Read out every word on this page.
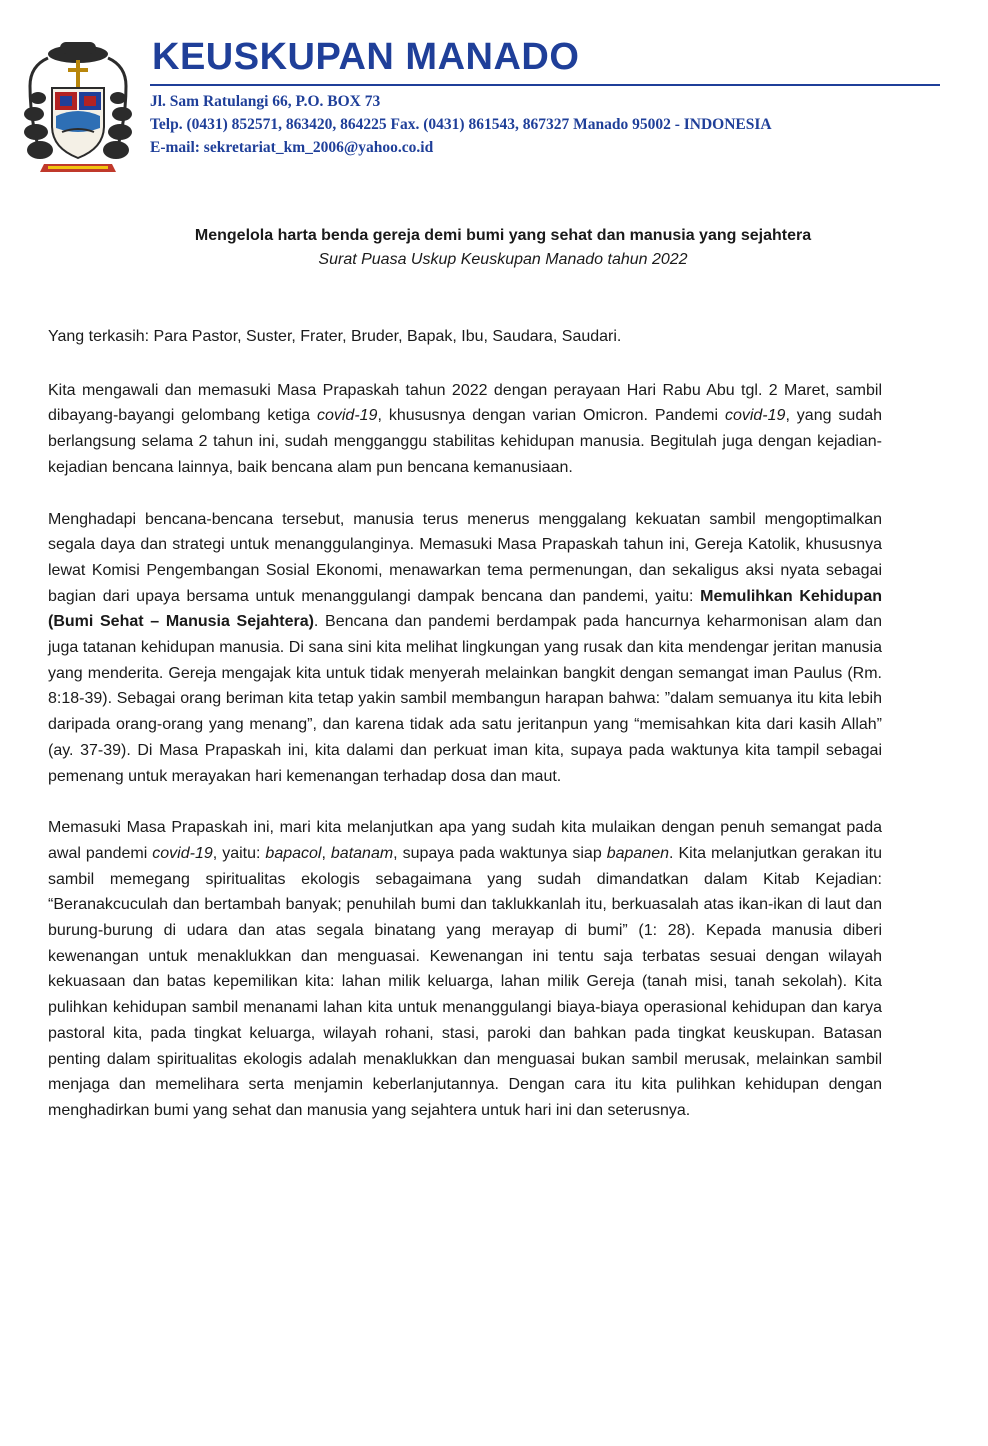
KEUSKUPAN MANADO
Jl. Sam Ratulangi 66, P.O. BOX 73
Telp. (0431) 852571, 863420, 864225 Fax. (0431) 861543, 867327 Manado 95002 - INDONESIA
E-mail: sekretariat_km_2006@yahoo.co.id
Mengelola harta benda gereja demi bumi yang sehat dan manusia yang sejahtera
Surat Puasa Uskup Keuskupan Manado tahun 2022

Yang terkasih: Para Pastor, Suster, Frater, Bruder, Bapak, Ibu, Saudara, Saudari.

Kita mengawali dan memasuki Masa Prapaskah tahun 2022 dengan perayaan Hari Rabu Abu tgl. 2 Maret, sambil dibayang-bayangi gelombang ketiga covid-19, khususnya dengan varian Omicron. Pandemi covid-19, yang sudah berlangsung selama 2 tahun ini, sudah mengganggu stabilitas kehidupan manusia. Begitulah juga dengan kejadian-kejadian bencana lainnya, baik bencana alam pun bencana kemanusiaan.

Menghadapi bencana-bencana tersebut, manusia terus menerus menggalang kekuatan sambil mengoptimalkan segala daya dan strategi untuk menanggulanginya. Memasuki Masa Prapaskah tahun ini, Gereja Katolik, khususnya lewat Komisi Pengembangan Sosial Ekonomi, menawarkan tema permenungan, dan sekaligus aksi nyata sebagai bagian dari upaya bersama untuk menanggulangi dampak bencana dan pandemi, yaitu: Memulihkan Kehidupan (Bumi Sehat – Manusia Sejahtera). Bencana dan pandemi berdampak pada hancurnya keharmonisan alam dan juga tatanan kehidupan manusia. Di sana sini kita melihat lingkungan yang rusak dan kita mendengar jeritan manusia yang menderita. Gereja mengajak kita untuk tidak menyerah melainkan bangkit dengan semangat iman Paulus (Rm. 8:18-39). Sebagai orang beriman kita tetap yakin sambil membangun harapan bahwa: ”dalam semuanya itu kita lebih daripada orang-orang yang menang”, dan karena tidak ada satu jeritanpun yang “memisahkan kita dari kasih Allah” (ay. 37-39). Di Masa Prapaskah ini, kita dalami dan perkuat iman kita, supaya pada waktunya kita tampil sebagai pemenang untuk merayakan hari kemenangan terhadap dosa dan maut.

Memasuki Masa Prapaskah ini, mari kita melanjutkan apa yang sudah kita mulaikan dengan penuh semangat pada awal pandemi covid-19, yaitu: bapacol, batanam, supaya pada waktunya siap bapanen. Kita melanjutkan gerakan itu sambil memegang spiritualitas ekologis sebagaimana yang sudah dimandatkan dalam Kitab Kejadian: “Beranakcuculah dan bertambah banyak; penuhilah bumi dan taklukkanlah itu, berkuasalah atas ikan-ikan di laut dan burung-burung di udara dan atas segala binatang yang merayap di bumi” (1: 28). Kepada manusia diberi kewenangan untuk menaklukkan dan menguasai. Kewenangan ini tentu saja terbatas sesuai dengan wilayah kekuasaan dan batas kepemilikan kita: lahan milik keluarga, lahan milik Gereja (tanah misi, tanah sekolah). Kita pulihkan kehidupan sambil menanami lahan kita untuk menanggulangi biaya-biaya operasional kehidupan dan karya pastoral kita, pada tingkat keluarga, wilayah rohani, stasi, paroki dan bahkan pada tingkat keuskupan. Batasan penting dalam spiritualitas ekologis adalah menaklukkan dan menguasai bukan sambil merusak, melainkan sambil menjaga dan memelihara serta menjamin keberlanjutannya. Dengan cara itu kita pulihkan kehidupan dengan menghadirkan bumi yang sehat dan manusia yang sejahtera untuk hari ini dan seterusnya.
